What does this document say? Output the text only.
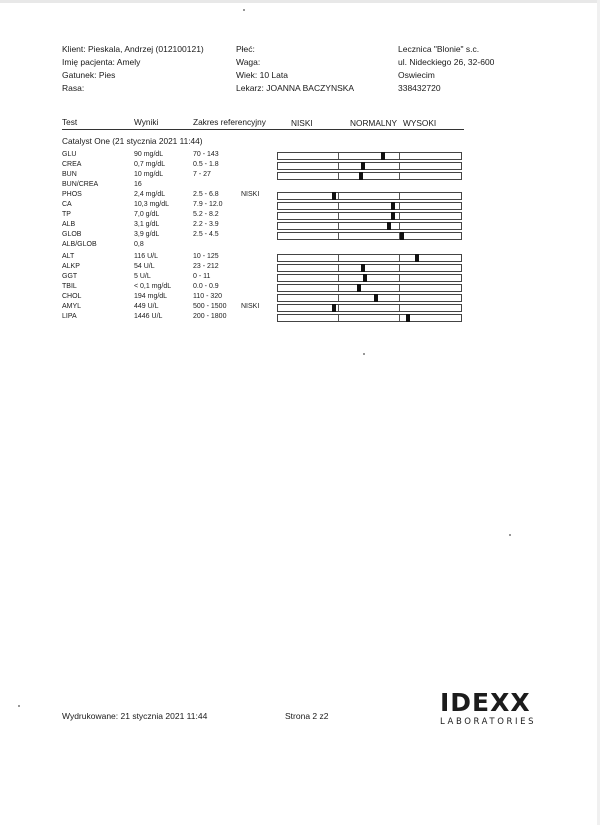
Klient: Pieskala, Andrzej (012100121)
Imię pacjenta: Amely
Gatunek: Pies
Rasa:
Płeć:
Waga:
Wiek: 10 Lata
Lekarz: JOANNA BACZYNSKA
Lecznica "Blonie" s.c.
ul. Nideckiego 26, 32-600
Oswiecim
338432720
Test	Wyniki	Zakres referencyjny	NISKI	NORMALNY WYSOKI
Catalyst One (21 stycznia 2021 11:44)
GLU	90 mg/dL	70 - 143
CREA	0,7 mg/dL	0.5 - 1.8
BUN	10 mg/dL	7 - 27
BUN/CREA	16
PHOS	2,4 mg/dL	2.5 - 6.8	NISKI
CA	10,3 mg/dL	7.9 - 12.0
TP	7,0 g/dL	5.2 - 8.2
ALB	3,1 g/dL	2.2 - 3.9
GLOB	3,9 g/dL	2.5 - 4.5
ALB/GLOB	0,8
ALT	116 U/L	10 - 125
ALKP	54 U/L	23 - 212
GGT	5 U/L	0 - 11
TBIL	< 0,1 mg/dL	0.0 - 0.9
CHOL	194 mg/dL	110 - 320
AMYL	449 U/L	500 - 1500 NISKI
LIPA	1446 U/L	200 - 1800
Wydrukowane: 21 stycznia 2021 11:44	Strona 2 z2	IDEXX
LABORATORIES
